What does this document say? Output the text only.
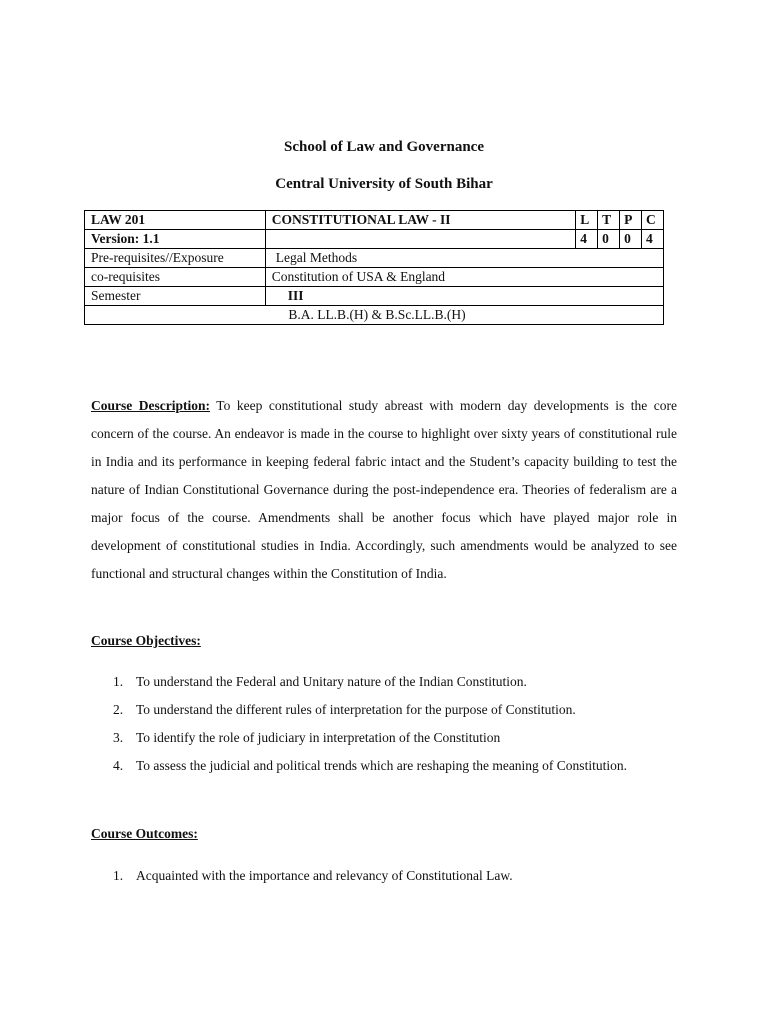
School of Law and Governance
Central University of South Bihar
LAW 201	CONSTITUTIONAL LAW - II	L	T	P	C
Version: 1.1		4	0	0	4
Pre-requisites//Exposure	Legal Methods				
co-requisites	Constitution of USA & England				
Semester	III				
B.A. LL.B.(H) & B.Sc.LL.B.(H)					

Course Description: To keep constitutional study abreast with modern day developments is the core concern of the course. An endeavor is made in the course to highlight over sixty years of constitutional rule in India and its performance in keeping federal fabric intact and the Student’s capacity building to test the nature of Indian Constitutional Governance during the post-independence era. Theories of federalism are a major focus of the course. Amendments shall be another focus which have played major role in development of constitutional studies in India. Accordingly, such amendments would be analyzed to see functional and structural changes within the Constitution of India.

Course Objectives:
1. To understand the Federal and Unitary nature of the Indian Constitution.
2. To understand the different rules of interpretation for the purpose of Constitution.
3. To identify the role of judiciary in interpretation of the Constitution
4. To assess the judicial and political trends which are reshaping the meaning of Constitution.
Course Outcomes:
1. Acquainted with the importance and relevancy of Constitutional Law.
